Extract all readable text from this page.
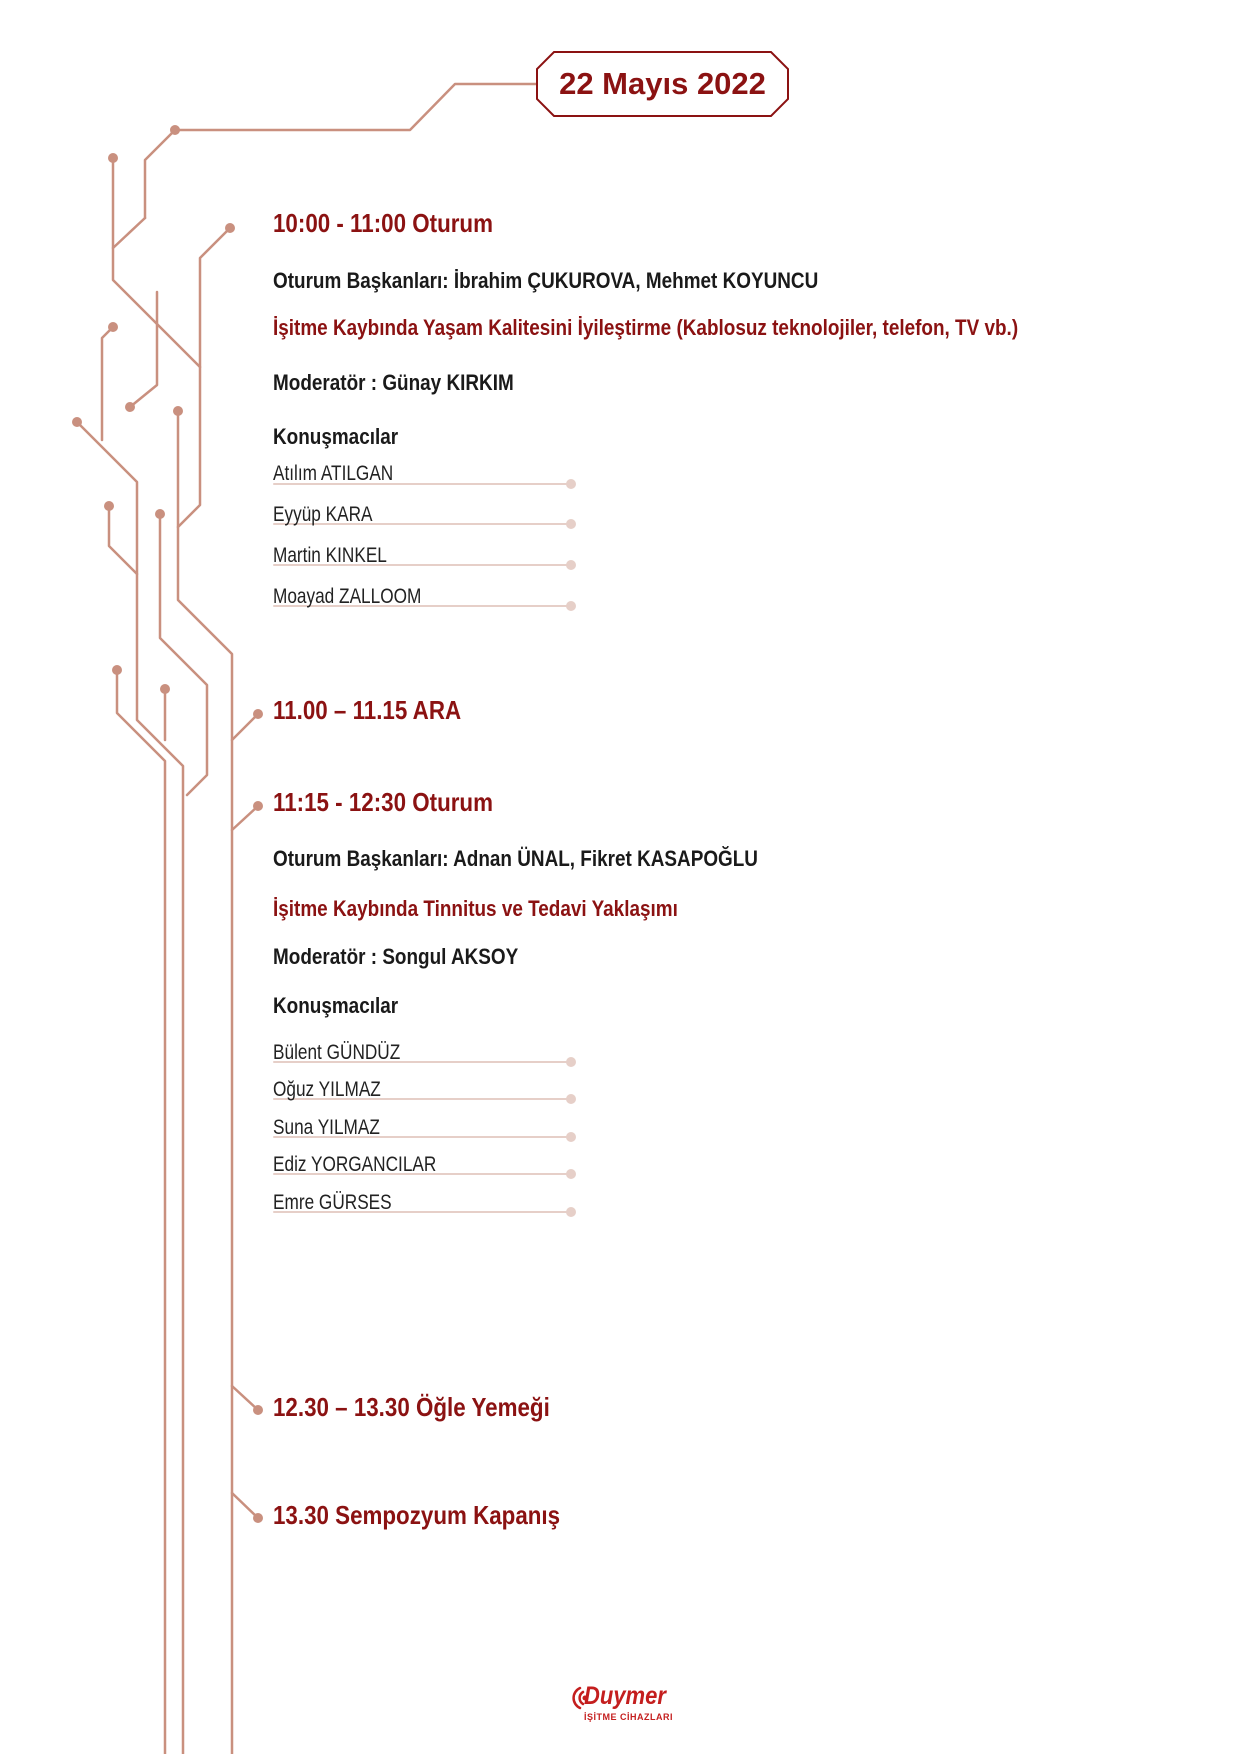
22 Mayıs 2022
10:00 - 11:00 Oturum
Oturum Başkanları: İbrahim ÇUKUROVA, Mehmet KOYUNCU
İşitme Kaybında Yaşam Kalitesini İyileştirme (Kablosuz teknolojiler, telefon, TV vb.)
Moderatör : Günay KIRKIM
Konuşmacılar
Atılım ATILGAN
Eyyüp KARA
Martin KINKEL
Moayad ZALLOOM
11.00 – 11.15 ARA
11:15 - 12:30 Oturum
Oturum Başkanları: Adnan ÜNAL, Fikret KASAPOĞLU
İşitme Kaybında Tinnitus ve Tedavi Yaklaşımı
Moderatör : Songul AKSOY
Konuşmacılar
Bülent GÜNDÜZ
Oğuz YILMAZ
Suna YILMAZ
Ediz YORGANCILAR
Emre GÜRSES
12.30 – 13.30 Öğle Yemeği
13.30 Sempozyum Kapanış
Duymer
İŞİTME CİHAZLARI
